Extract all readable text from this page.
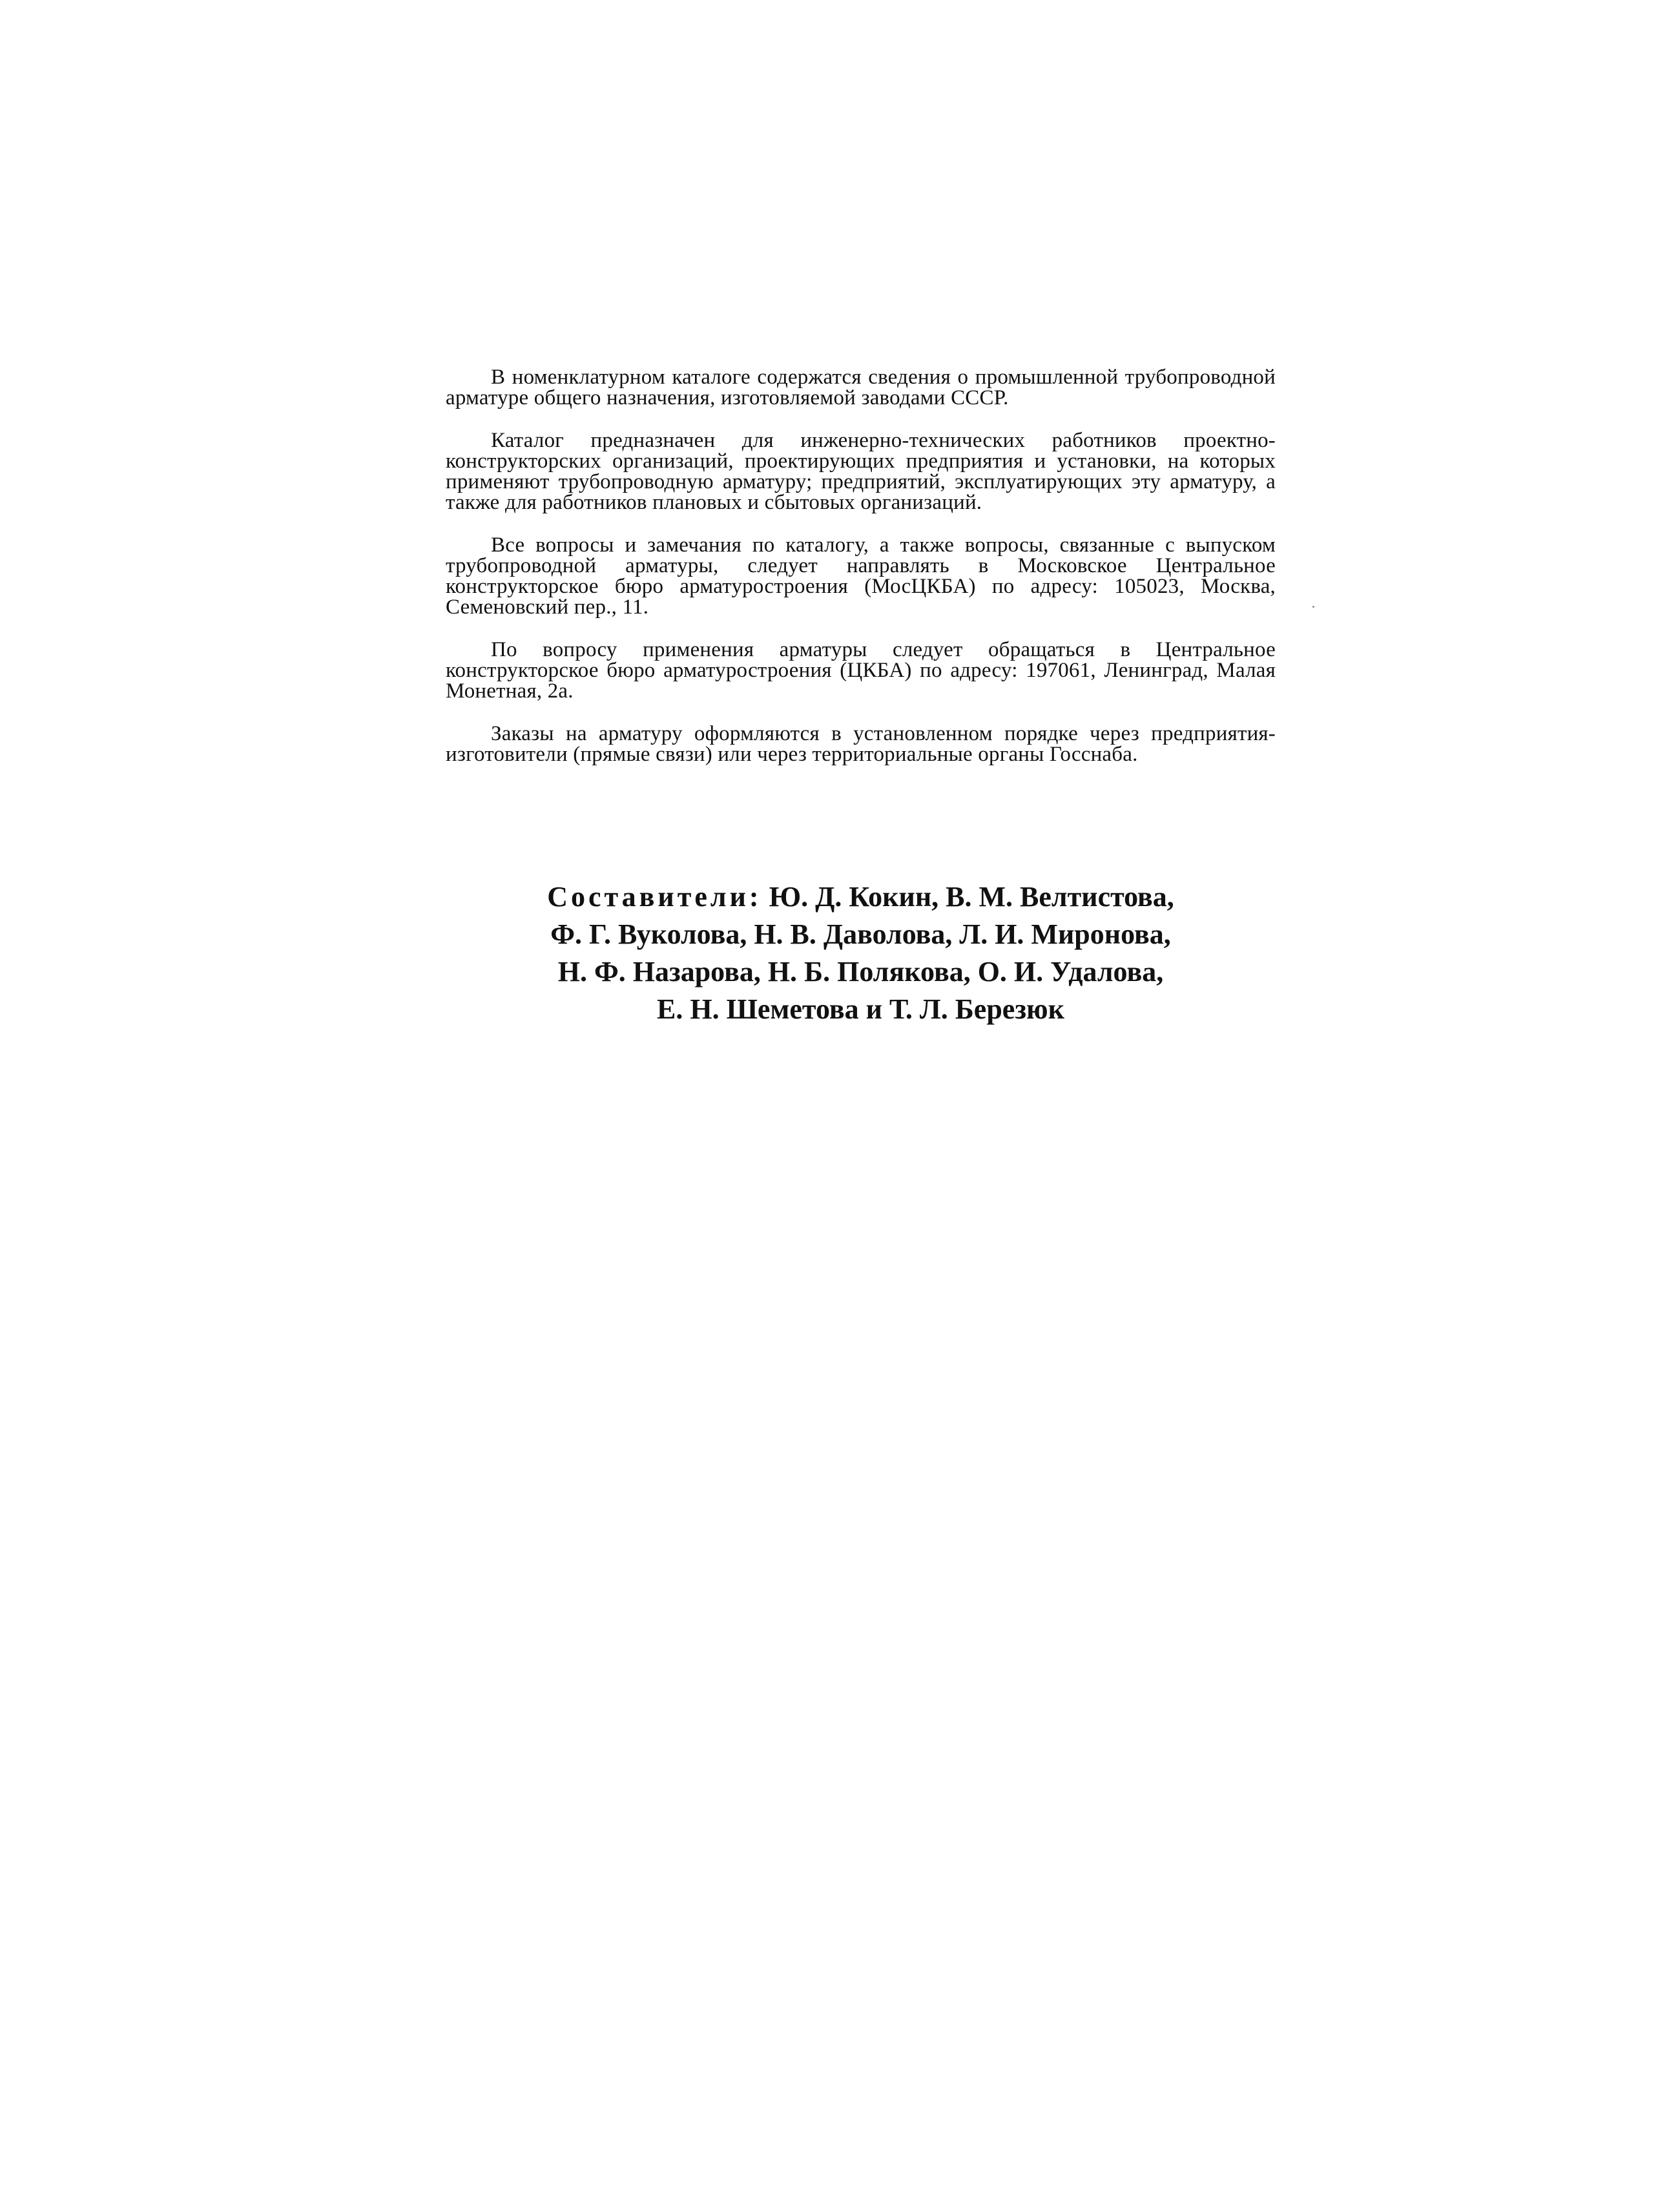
В номенклатурном каталоге содержатся сведения о промышленной трубопроводной арматуре общего назначения, изготовляемой заводами СССР.

Каталог предназначен для инженерно-технических работников проектно-конструкторских организаций, проектирующих предприятия и установки, на которых применяют трубопроводную арматуру; предприятий, эксплуатирующих эту арматуру, а также для работников плановых и сбытовых организаций.

Все вопросы и замечания по каталогу, а также вопросы, связанные с выпуском трубопроводной арматуры, следует направлять в Московское Центральное конструкторское бюро арматуростроения (МосЦКБА) по адресу: 105023, Москва, Семеновский пер., 11.

По вопросу применения арматуры следует обращаться в Центральное конструкторское бюро арматуростроения (ЦКБА) по адресу: 197061, Ленинград, Малая Монетная, 2а.

Заказы на арматуру оформляются в установленном порядке через предприятия-изготовители (прямые связи) или через территориальные органы Госснаба.

Составители: Ю. Д. Кокин, В. М. Велтистова,
Ф. Г. Вуколова, Н. В. Даволова, Л. И. Миронова,
Н. Ф. Назарова, Н. Б. Полякова, О. И. Удалова,
Е. Н. Шеметова и Т. Л. Березюк
